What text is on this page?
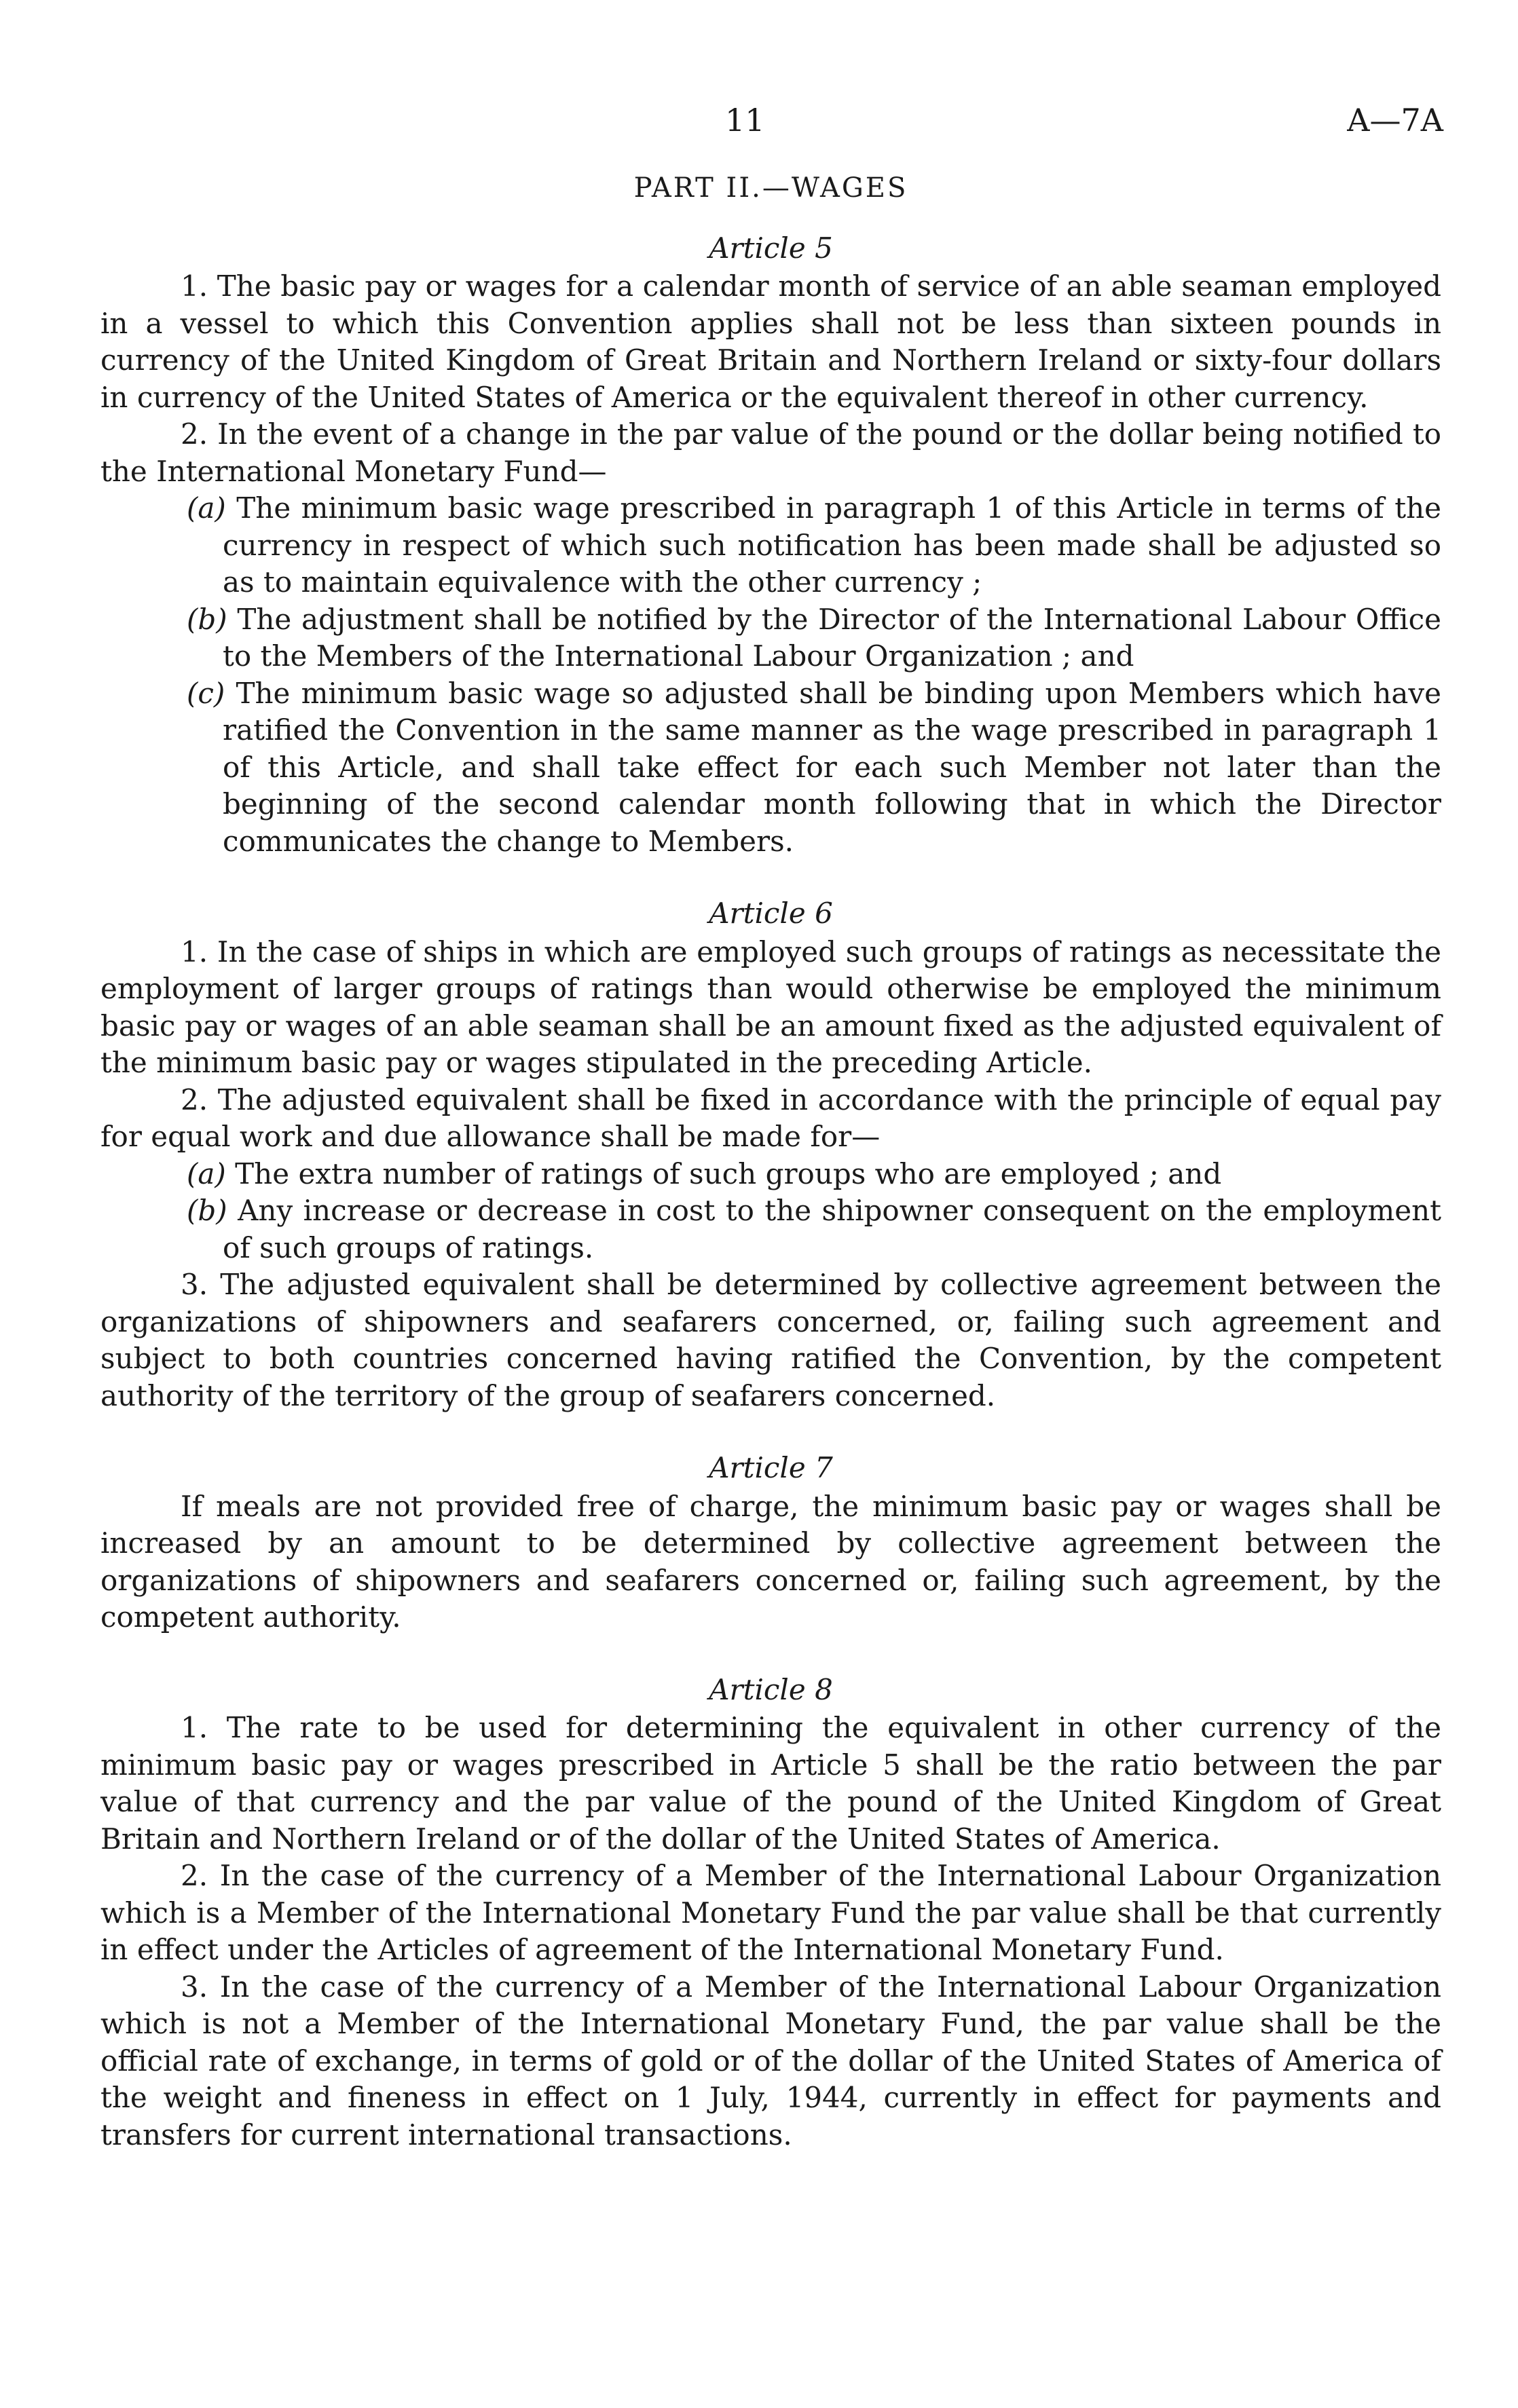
11	A—7A
PART II.—WAGES
Article 5

1. The basic pay or wages for a calendar month of service of an able seaman employed in a vessel to which this Convention applies shall not be less than sixteen pounds in currency of the United Kingdom of Great Britain and Northern Ireland or sixty-four dollars in currency of the United States of America or the equivalent thereof in other currency.

2. In the event of a change in the par value of the pound or the dollar being notified to the International Monetary Fund—

(a) The minimum basic wage prescribed in paragraph 1 of this Article in terms of the currency in respect of which such notification has been made shall be adjusted so as to maintain equivalence with the other currency ;
(b) The adjustment shall be notified by the Director of the International Labour Office to the Members of the International Labour Organization ; and
(c) The minimum basic wage so adjusted shall be binding upon Members which have ratified the Convention in the same manner as the wage prescribed in paragraph 1 of this Article, and shall take effect for each such Member not later than the beginning of the second calendar month following that in which the Director communicates the change to Members.
Article 6

1. In the case of ships in which are employed such groups of ratings as necessitate the employment of larger groups of ratings than would otherwise be employed the minimum basic pay or wages of an able seaman shall be an amount fixed as the adjusted equivalent of the minimum basic pay or wages stipulated in the preceding Article.

2. The adjusted equivalent shall be fixed in accordance with the principle of equal pay for equal work and due allowance shall be made for—

(a) The extra number of ratings of such groups who are employed ; and
(b) Any increase or decrease in cost to the shipowner consequent on the employment of such groups of ratings.

3. The adjusted equivalent shall be determined by collective agreement between the organizations of shipowners and seafarers concerned, or, failing such agreement and subject to both countries concerned having ratified the Convention, by the competent authority of the territory of the group of seafarers concerned.

Article 7

If meals are not provided free of charge, the minimum basic pay or wages shall be increased by an amount to be determined by collective agreement between the organizations of shipowners and seafarers concerned or, failing such agreement, by the competent authority.

Article 8

1. The rate to be used for determining the equivalent in other currency of the minimum basic pay or wages prescribed in Article 5 shall be the ratio between the par value of that currency and the par value of the pound of the United Kingdom of Great Britain and Northern Ireland or of the dollar of the United States of America.

2. In the case of the currency of a Member of the International Labour Organization which is a Member of the International Monetary Fund the par value shall be that currently in effect under the Articles of agreement of the International Monetary Fund.

3. In the case of the currency of a Member of the International Labour Organization which is not a Member of the International Monetary Fund, the par value shall be the official rate of exchange, in terms of gold or of the dollar of the United States of America of the weight and fineness in effect on 1 July, 1944, currently in effect for payments and transfers for current international transactions.
